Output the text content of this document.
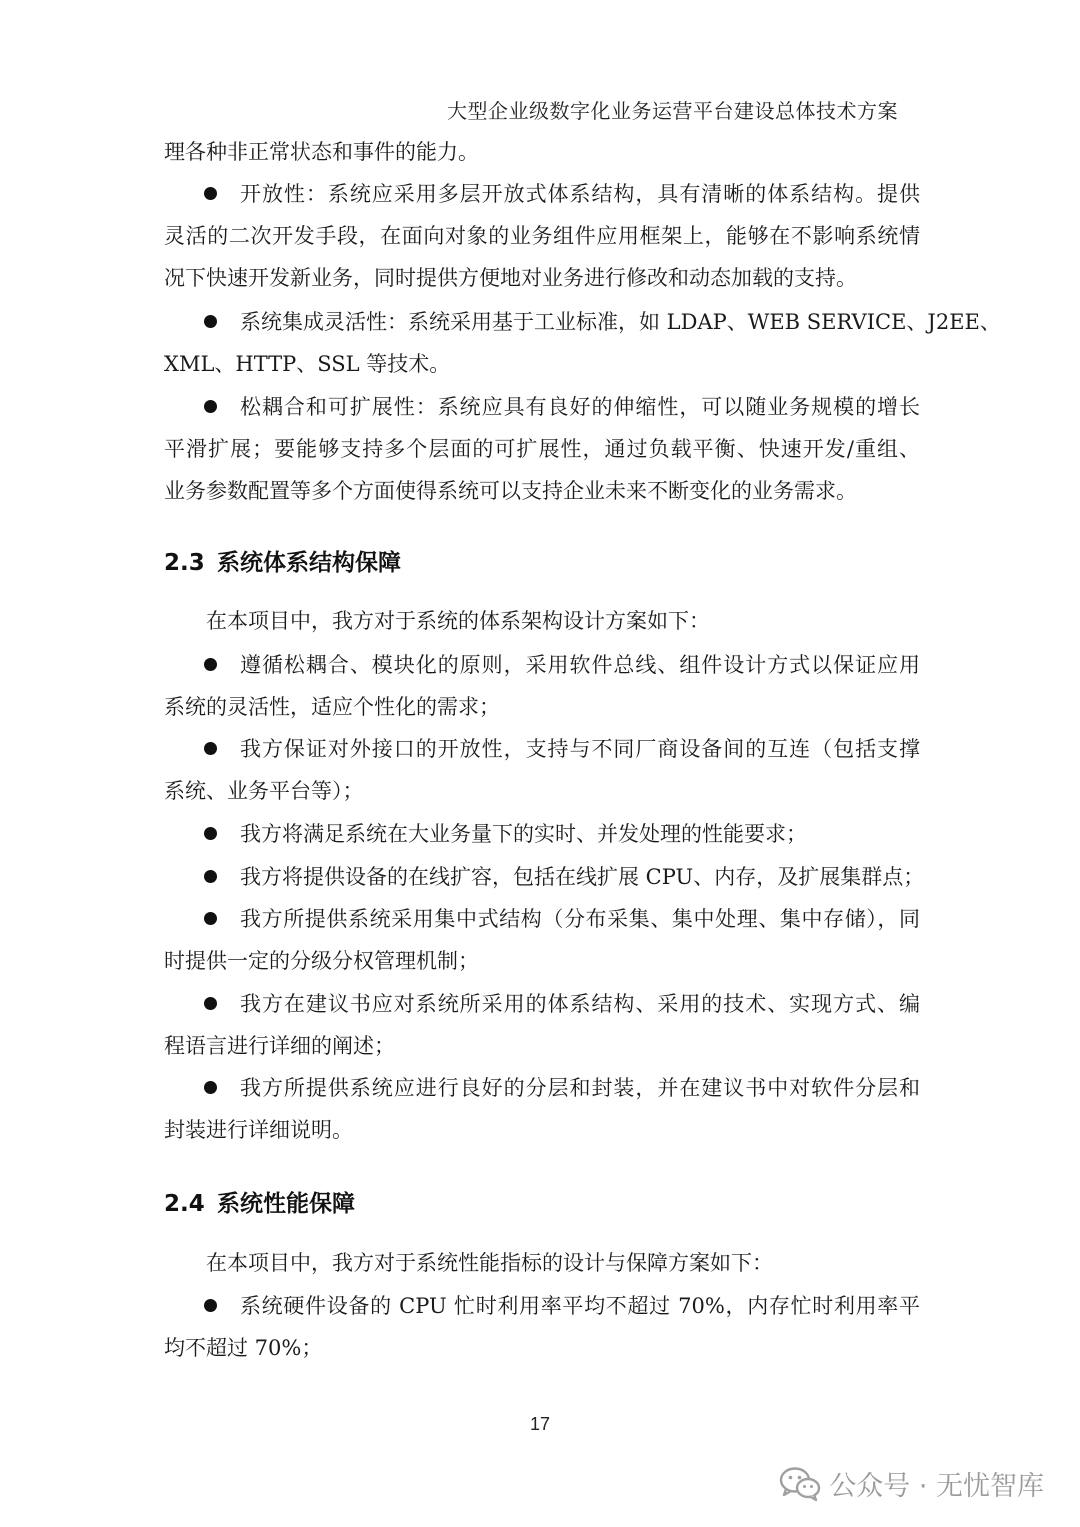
大型企业级数字化业务运营平台建设总体技术方案
理各种非正常状态和事件的能力。
开放性：系统应采用多层开放式体系结构，具有清晰的体系结构。提供
灵活的二次开发手段，在面向对象的业务组件应用框架上，能够在不影响系统情
况下快速开发新业务，同时提供方便地对业务进行修改和动态加载的支持。
系统集成灵活性：系统采用基于工业标准，如 LDAP、WEB SERVICE、J2EE、
XML、HTTP、SSL 等技术。
松耦合和可扩展性：系统应具有良好的伸缩性，可以随业务规模的增长
平滑扩展；要能够支持多个层面的可扩展性，通过负载平衡、快速开发/重组、
业务参数配置等多个方面使得系统可以支持企业未来不断变化的业务需求。
2.3 系统体系结构保障
在本项目中，我方对于系统的体系架构设计方案如下：
遵循松耦合、模块化的原则，采用软件总线、组件设计方式以保证应用
系统的灵活性，适应个性化的需求；
我方保证对外接口的开放性，支持与不同厂商设备间的互连（包括支撑
系统、业务平台等）；
我方将满足系统在大业务量下的实时、并发处理的性能要求；
我方将提供设备的在线扩容，包括在线扩展 CPU、内存，及扩展集群点；
我方所提供系统采用集中式结构（分布采集、集中处理、集中存储），同
时提供一定的分级分权管理机制；
我方在建议书应对系统所采用的体系结构、采用的技术、实现方式、编
程语言进行详细的阐述；
我方所提供系统应进行良好的分层和封装，并在建议书中对软件分层和
封装进行详细说明。
2.4 系统性能保障
在本项目中，我方对于系统性能指标的设计与保障方案如下：
系统硬件设备的 CPU 忙时利用率平均不超过 70%，内存忙时利用率平
均不超过 70%；
17
公众号 · 无忧智库
